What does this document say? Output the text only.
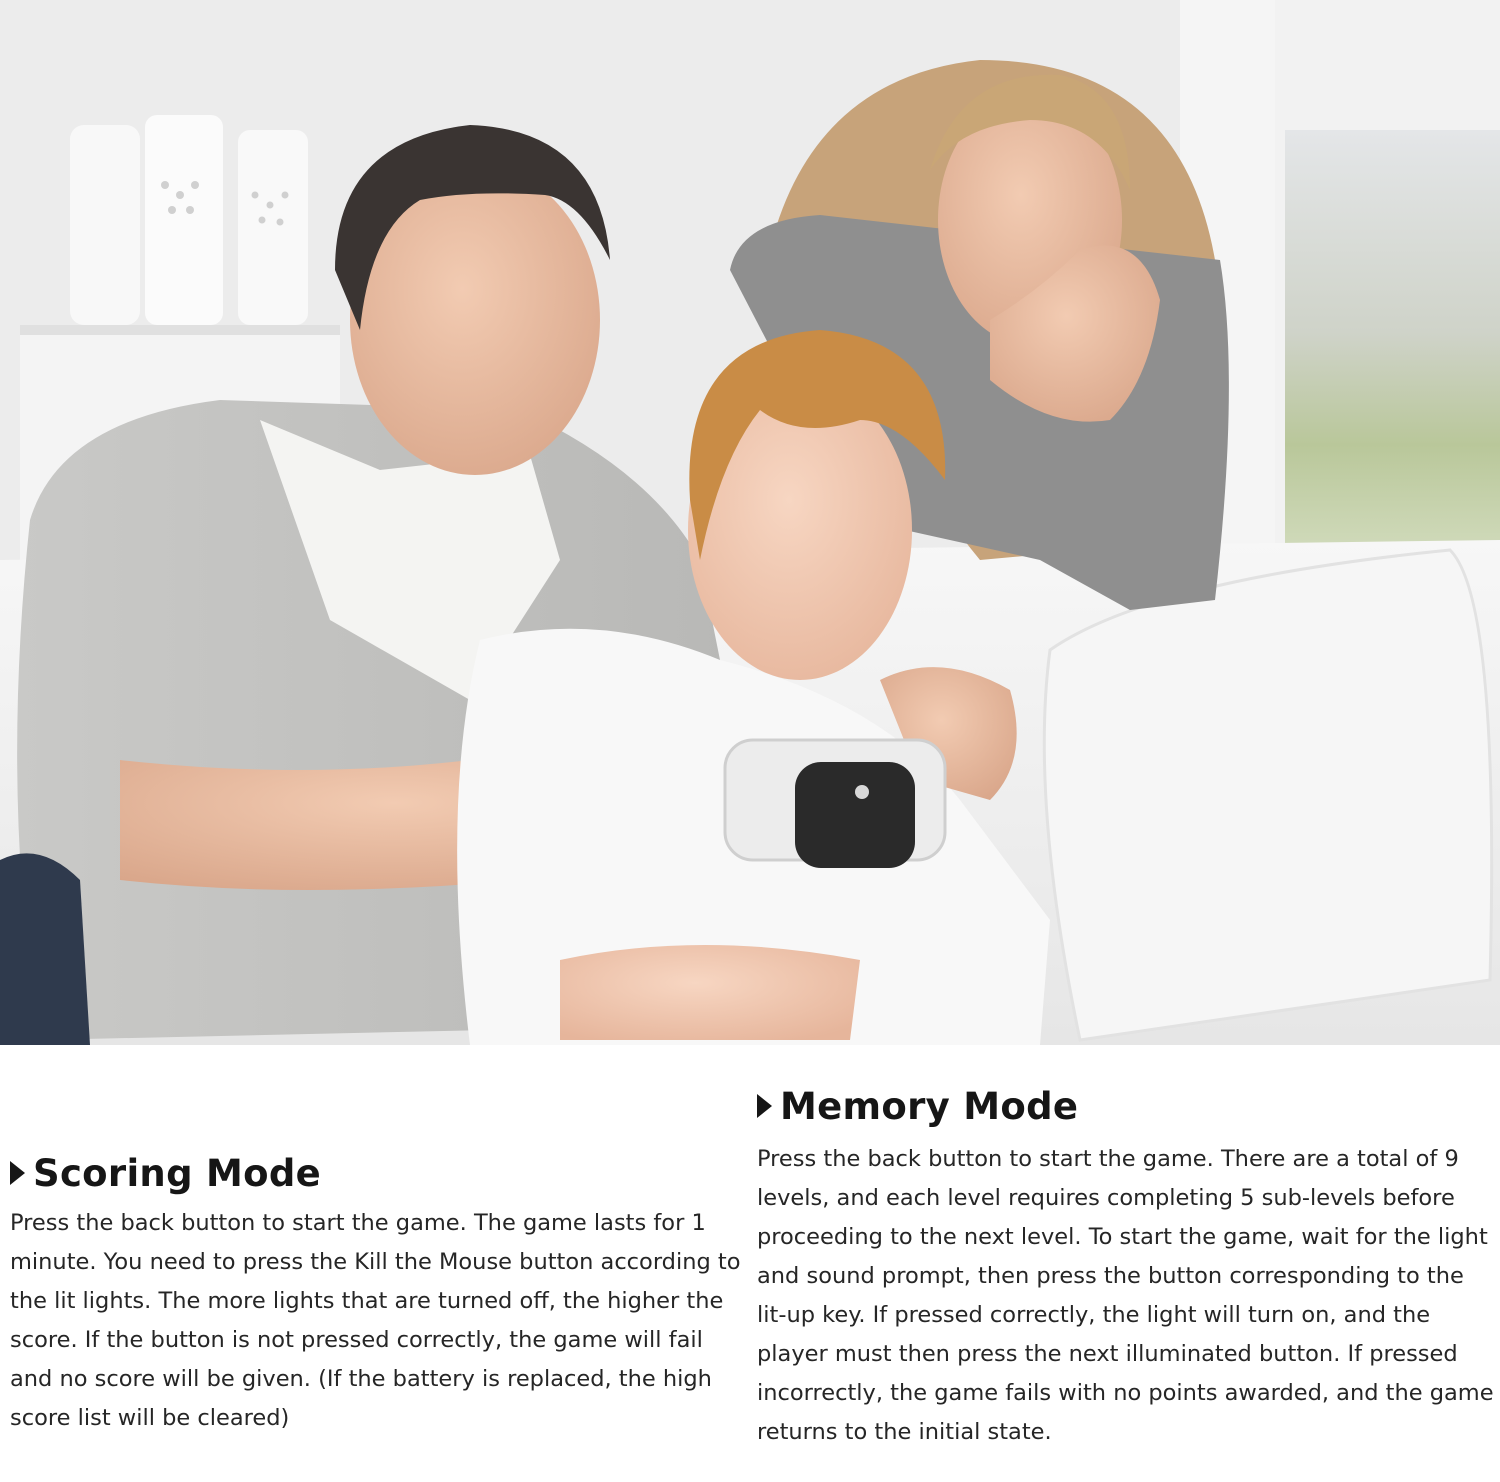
Scoring Mode

Press the back button to start the game. The game lasts for 1 minute. You need to press the Kill the Mouse button according to the lit lights. The more lights that are turned off, the higher the score. If the button is not pressed correctly, the game will fail and no score will be given. (If the battery is replaced, the high score list will be cleared)

Memory Mode

Press the back button to start the game. There are a total of 9 levels, and each level requires completing 5 sub-levels before proceeding to the next level. To start the game, wait for the light and sound prompt, then press the button corresponding to the lit-up key. If pressed correctly, the light will turn on, and the player must then press the next illuminated button. If pressed incorrectly, the game fails with no points awarded, and the game returns to the initial state.
